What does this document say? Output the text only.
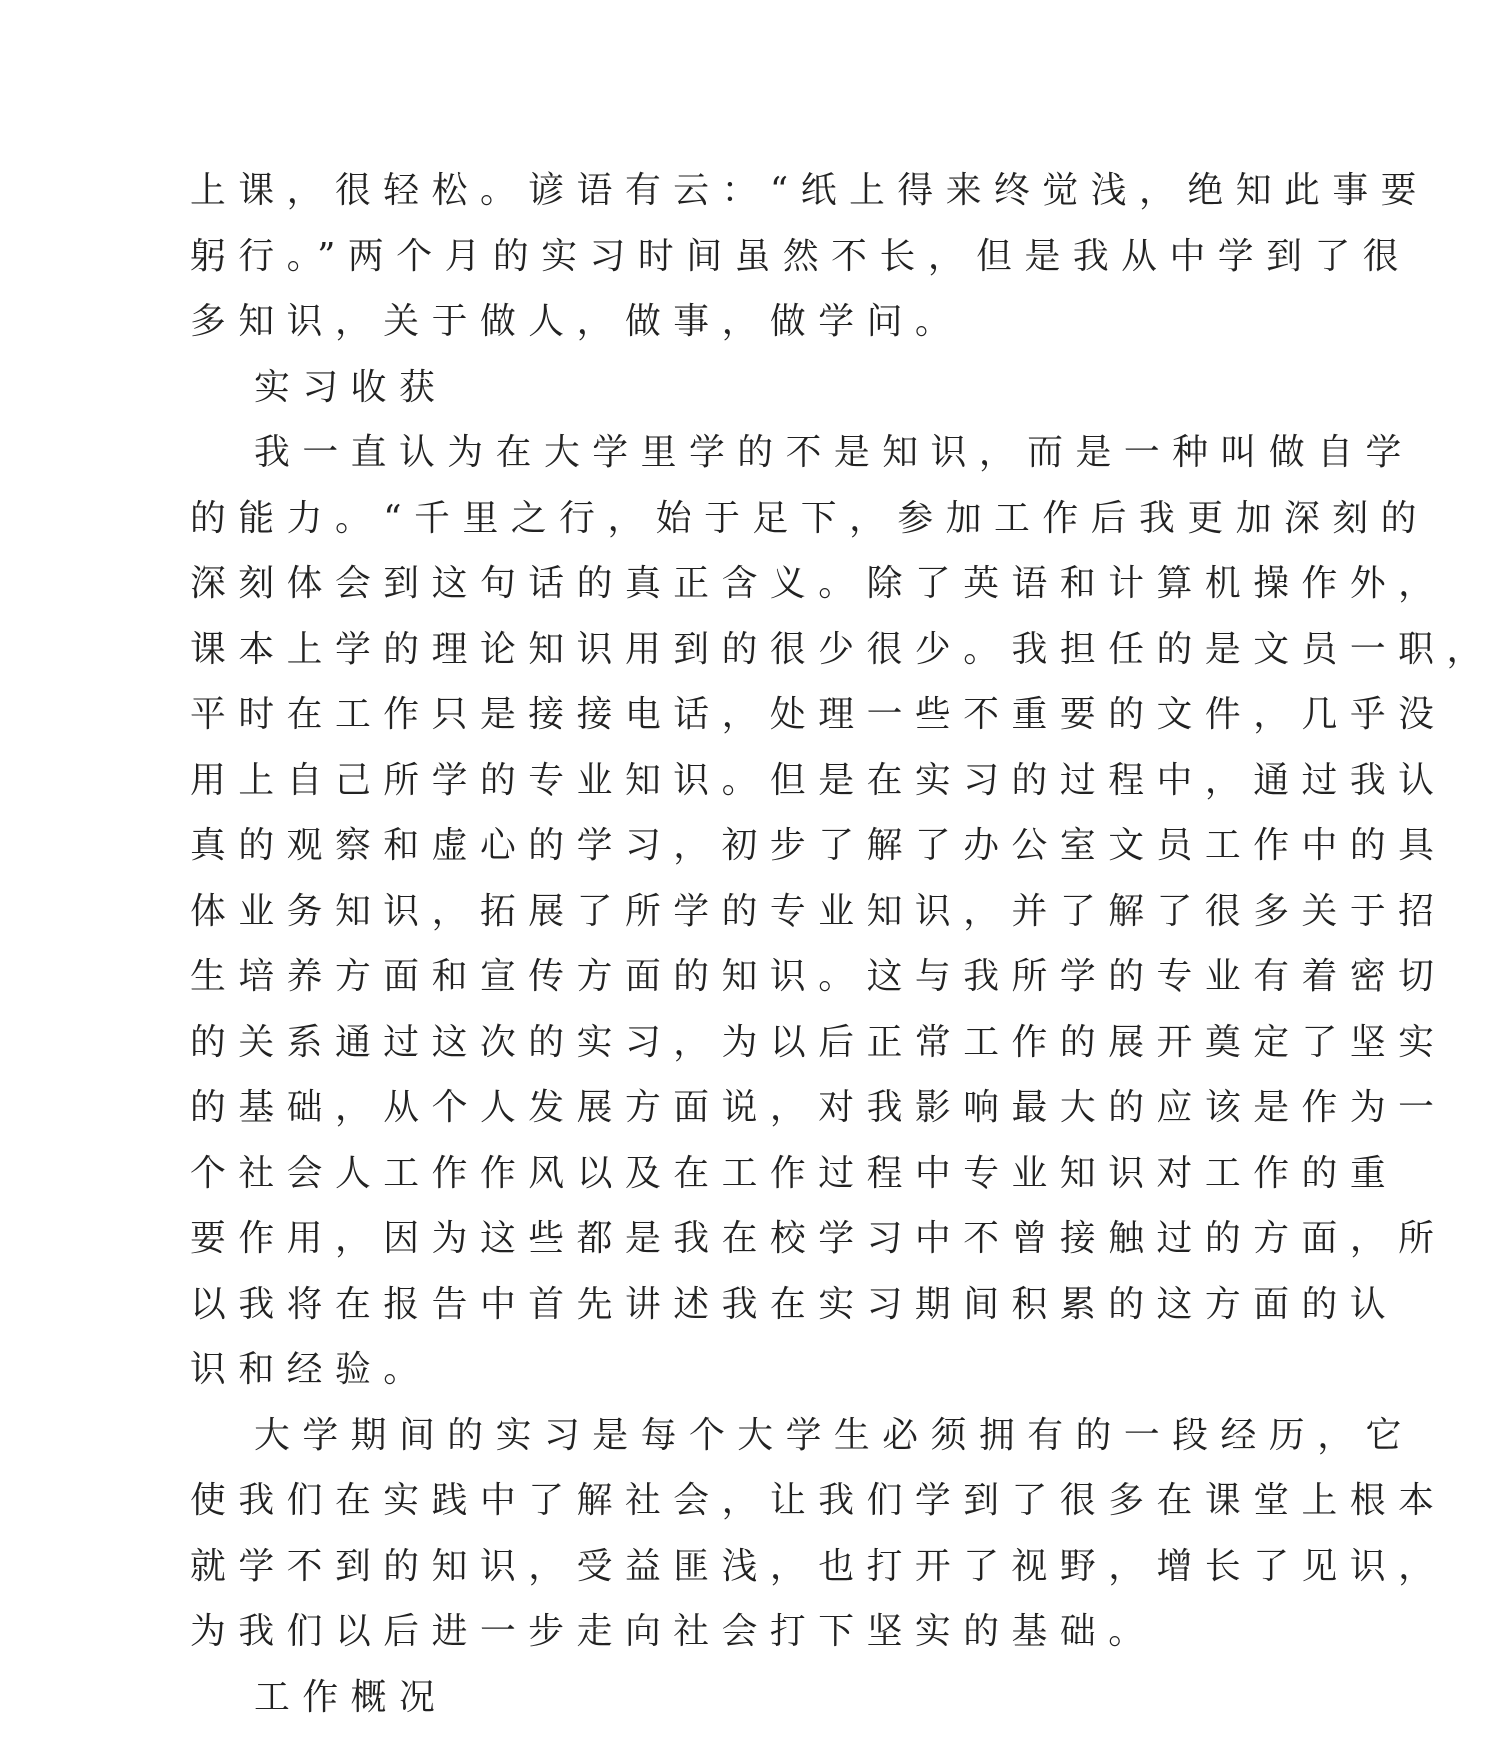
上课，很轻松。谚语有云：“纸上得来终觉浅，绝知此事要
躬行。”两个月的实习时间虽然不长，但是我从中学到了很
多知识，关于做人，做事，做学问。

实习收获

我一直认为在大学里学的不是知识，而是一种叫做自学
的能力。“千里之行，始于足下，参加工作后我更加深刻的
深刻体会到这句话的真正含义。除了英语和计算机操作外，
课本上学的理论知识用到的很少很少。我担任的是文员一职，
平时在工作只是接接电话，处理一些不重要的文件，几乎没
用上自己所学的专业知识。但是在实习的过程中，通过我认
真的观察和虚心的学习，初步了解了办公室文员工作中的具
体业务知识，拓展了所学的专业知识，并了解了很多关于招
生培养方面和宣传方面的知识。这与我所学的专业有着密切
的关系通过这次的实习，为以后正常工作的展开奠定了坚实
的基础，从个人发展方面说，对我影响最大的应该是作为一
个社会人工作作风以及在工作过程中专业知识对工作的重
要作用，因为这些都是我在校学习中不曾接触过的方面，所
以我将在报告中首先讲述我在实习期间积累的这方面的认
识和经验。

大学期间的实习是每个大学生必须拥有的一段经历，它
使我们在实践中了解社会，让我们学到了很多在课堂上根本
就学不到的知识，受益匪浅，也打开了视野，增长了见识，
为我们以后进一步走向社会打下坚实的基础。

工作概况
